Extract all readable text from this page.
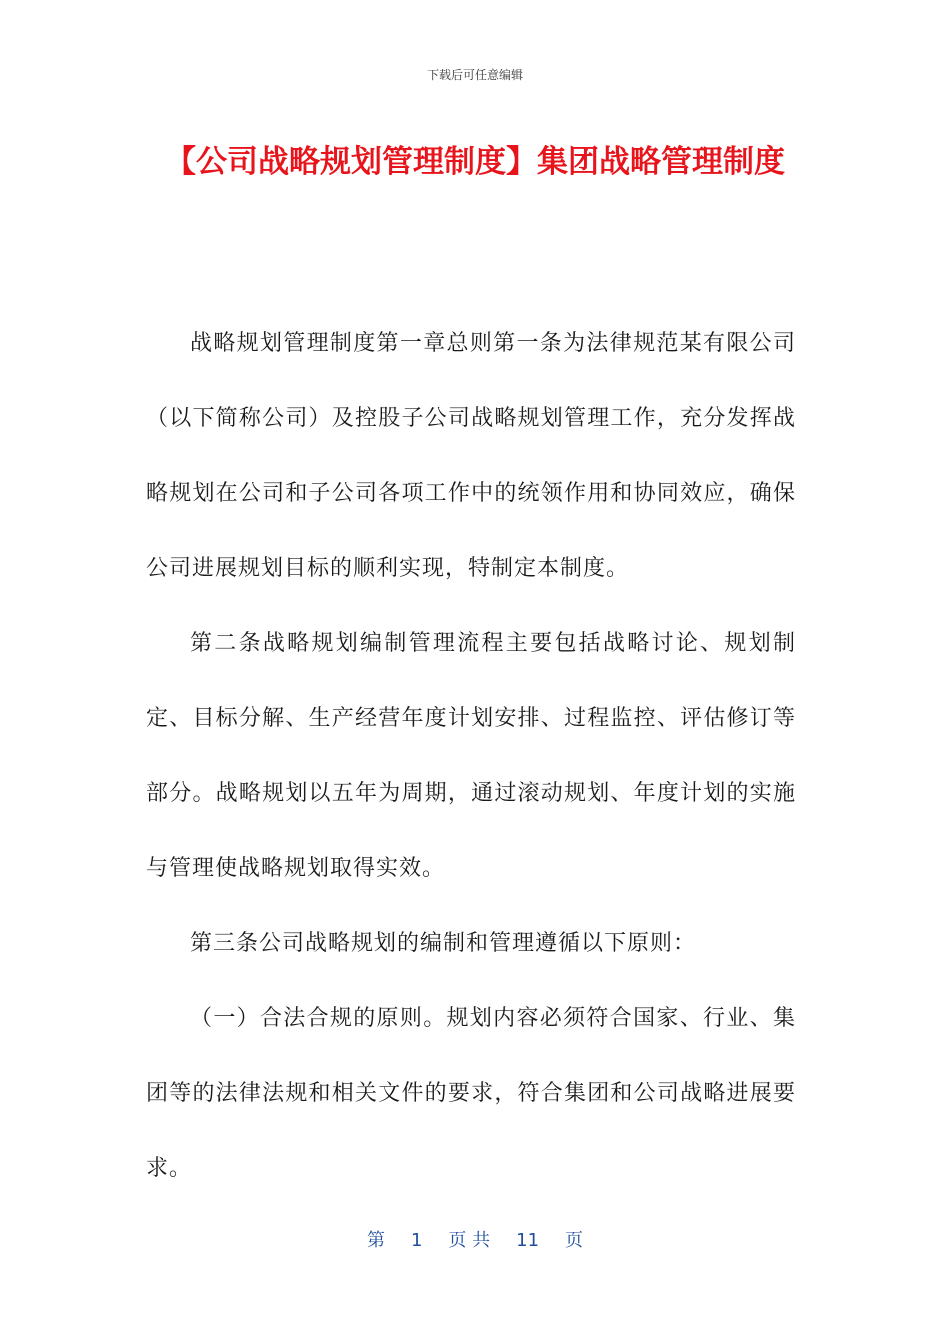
下载后可任意编辑
【公司战略规划管理制度】集团战略管理制度

战略规划管理制度第一章总则第一条为法律规范某有限公司（以下简称公司）及控股子公司战略规划管理工作，充分发挥战略规划在公司和子公司各项工作中的统领作用和协同效应，确保公司进展规划目标的顺利实现，特制定本制度。

第二条战略规划编制管理流程主要包括战略讨论、规划制定、目标分解、生产经营年度计划安排、过程监控、评估修订等部分。战略规划以五年为周期，通过滚动规划、年度计划的实施与管理使战略规划取得实效。

第三条公司战略规划的编制和管理遵循以下原则：

（一）合法合规的原则。规划内容必须符合国家、行业、集团等的法律法规和相关文件的要求，符合集团和公司战略进展要求。

第 1 页 共 11 页
